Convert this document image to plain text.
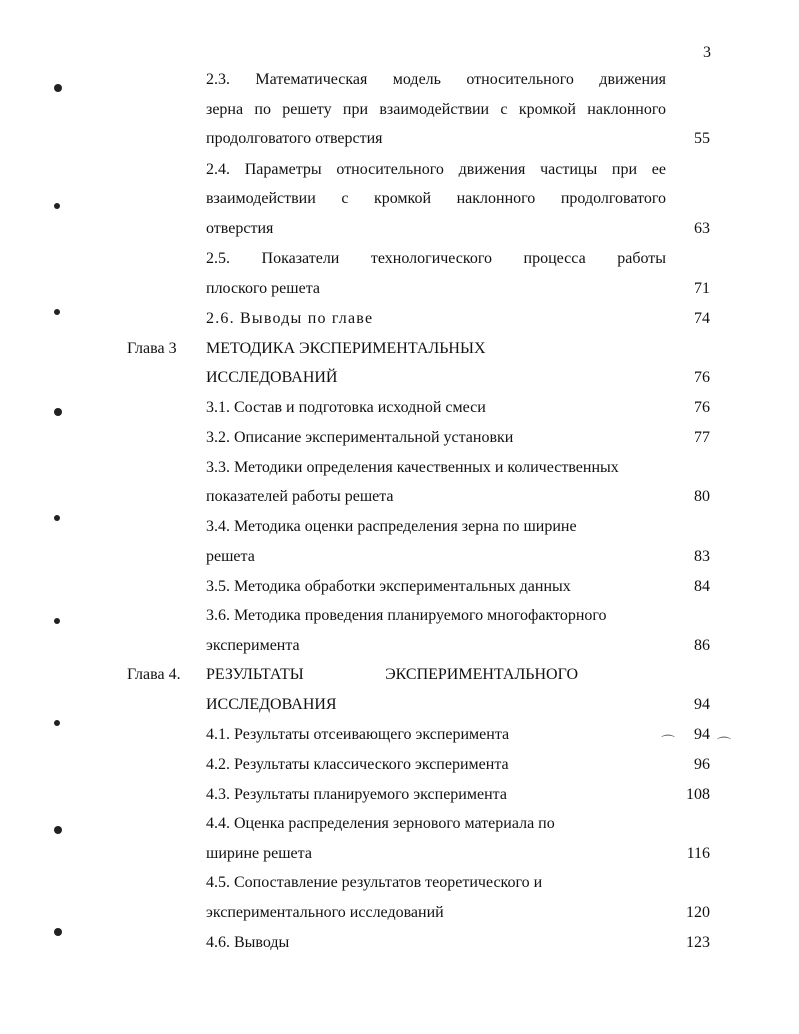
3
⌒	⌒
2.3. Математическая модель относительного движения
зерна по решету при взаимодействии с кромкой наклонного
продолговатого отверстия	55
2.4. Параметры относительного движения частицы при ее
взаимодействии с кромкой наклонного продолговатого
отверстия	63
2.5. Показатели технологического процесса работы
плоского решета	71
2.6. Выводы по главе	74
Глава 3 МЕТОДИКА ЭКСПЕРИМЕНТАЛЬНЫХ
ИССЛЕДОВАНИЙ	76
3.1. Состав и подготовка исходной смеси	76
3.2. Описание экспериментальной установки	77
3.3. Методики определения качественных и количественных
показателей работы решета	80
3.4. Методика оценки распределения зерна по ширине
решета	83
3.5. Методика обработки экспериментальных данных	84
3.6. Методика проведения планируемого многофакторного
эксперимента	86
Глава 4. РЕЗУЛЬТАТЫ ЭКСПЕРИМЕНТАЛЬНОГО
ИССЛЕДОВАНИЯ	94
4.1. Результаты отсеивающего эксперимента	94
4.2. Результаты классического эксперимента	96
4.3. Результаты планируемого эксперимента	108
4.4. Оценка распределения зернового материала по
ширине решета	116
4.5. Сопоставление результатов теоретического и
экспериментального исследований	120
4.6. Выводы	123
